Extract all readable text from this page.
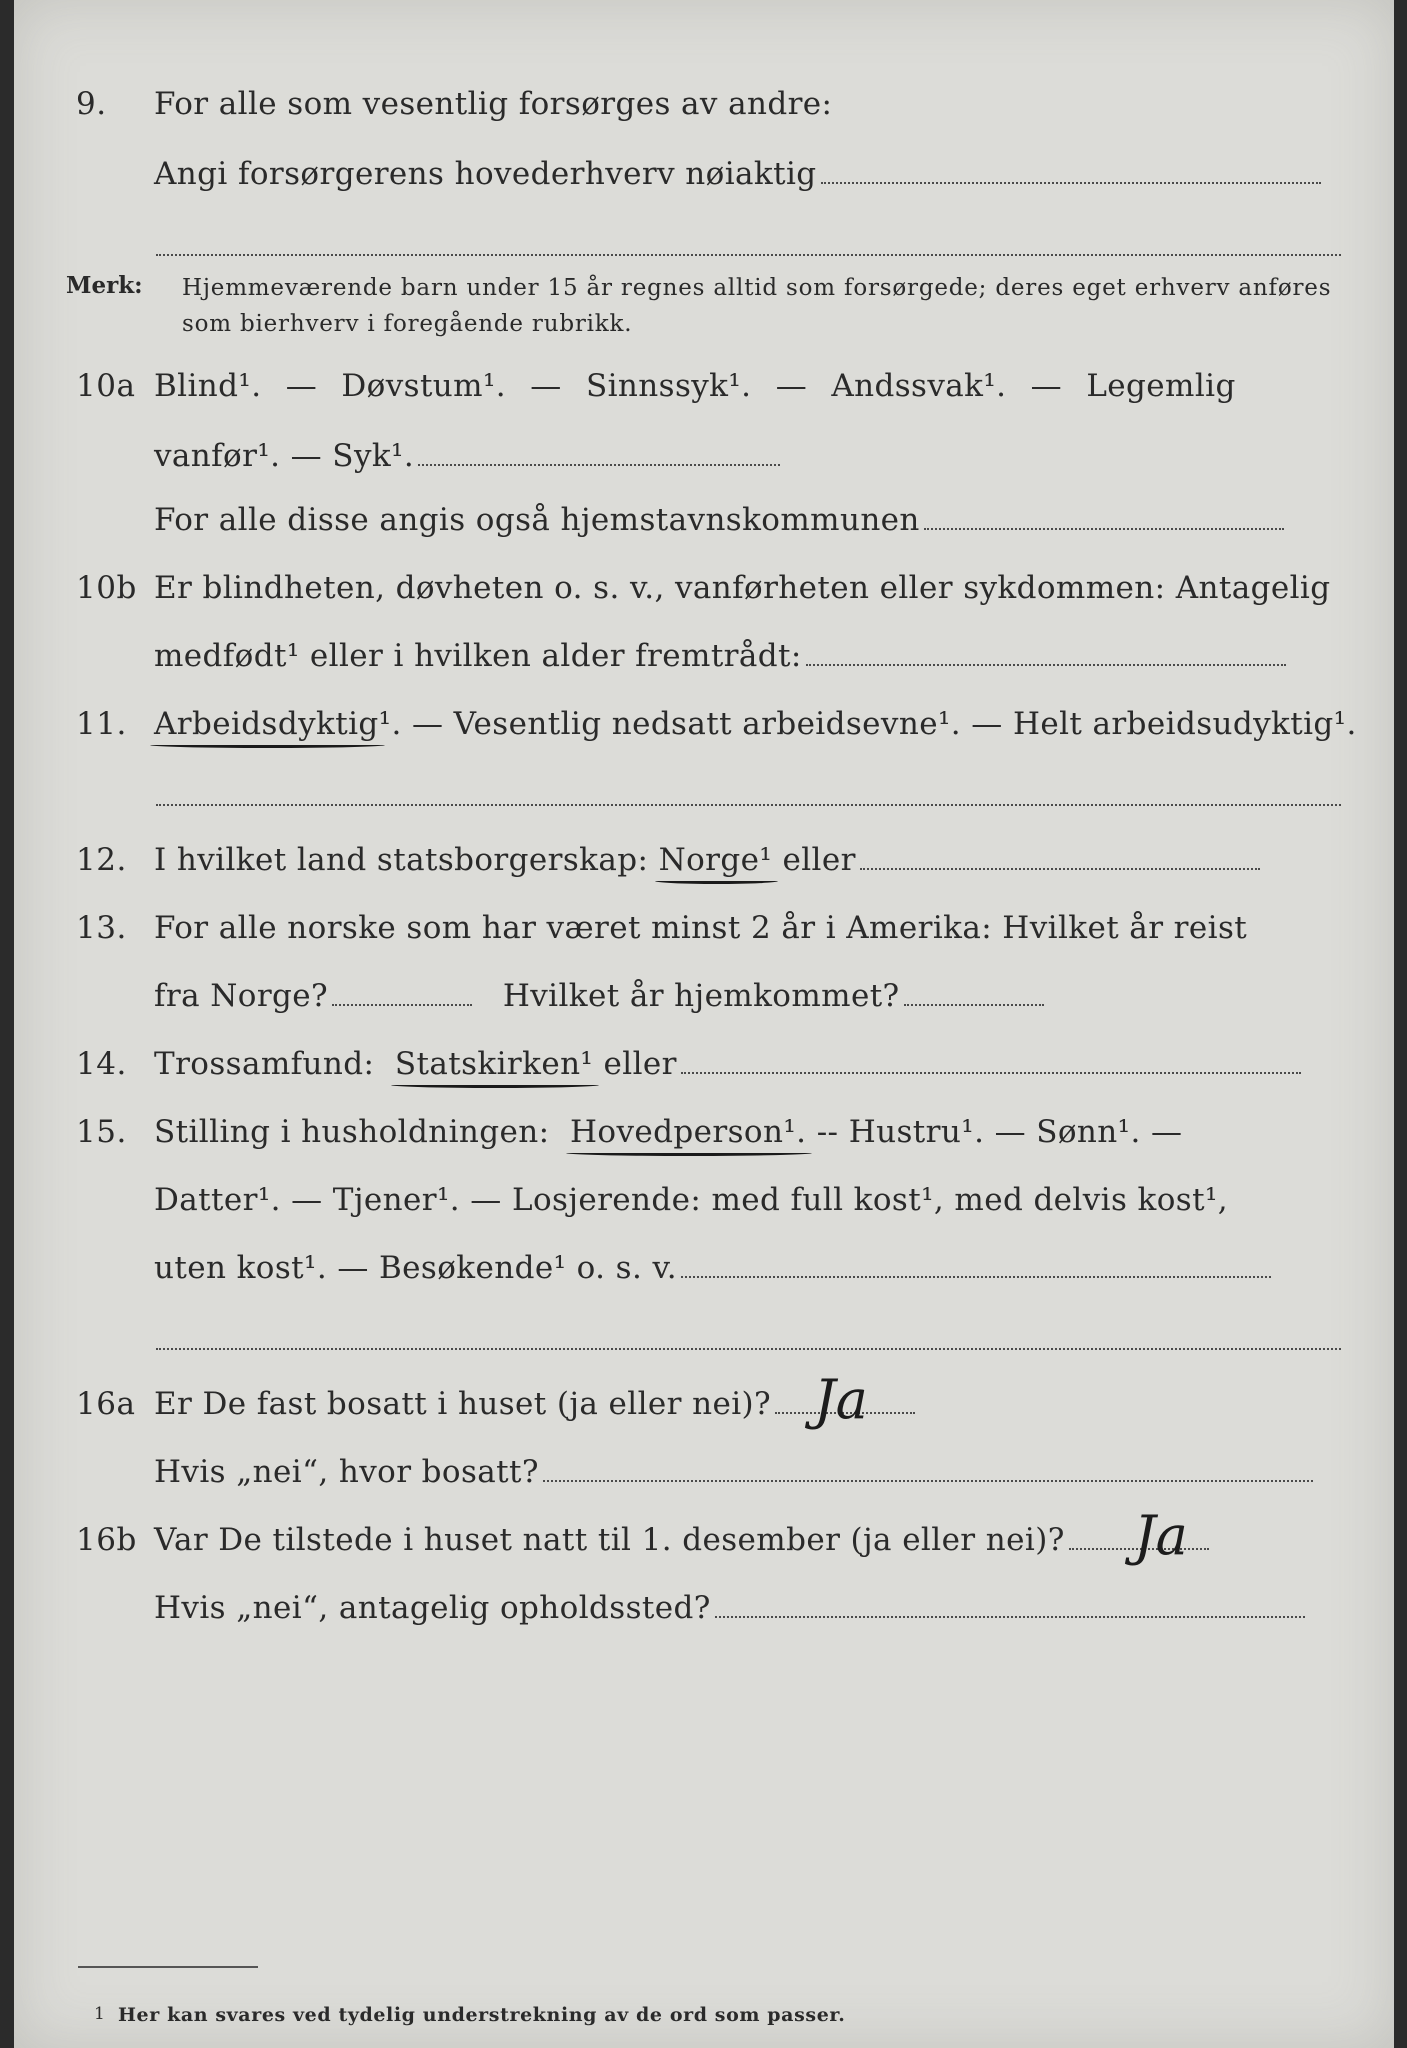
9.	For alle som vesentlig forsørges av andre:
Angi forsørgerens hovederhverv nøiaktig
Merk: Hjemmeværende barn under 15 år regnes alltid som forsørgede; deres eget erhverv anføres som bierhverv i foregående rubrikk.
10a Blind¹. — Døvstum¹. — Sinnssyk¹. — Andssvak¹. — Legemlig
vanfør¹. — Syk¹.
For alle disse angis også hjemstavnskommunen
10b Er blindheten, døvheten o. s. v., vanførheten eller sykdommen: Antagelig
medfødt¹ eller i hvilken alder fremtrådt:
11. Arbeidsdyktig¹. — Vesentlig nedsatt arbeidsevne¹. — Helt arbeidsudyktig¹.
12. I hvilket land statsborgerskap: Norge¹ eller
13. For alle norske som har været minst 2 år i Amerika: Hvilket år reist
fra Norge?	Hvilket år hjemkommet?
14. Trossamfund: Statskirken¹ eller
15. Stilling i husholdningen: Hovedperson¹. -- Hustru¹. — Sønn¹. —
Datter¹. — Tjener¹. — Losjerende: med full kost¹, med delvis kost¹,
uten kost¹. — Besøkende¹ o. s. v.
16a Er De fast bosatt i huset (ja eller nei)? Ja
Hvis „nei“, hvor bosatt?
16b Var De tilstede i huset natt til 1. desember (ja eller nei)?	Ja
Hvis „nei“, antagelig opholdssted?
1 Her kan svares ved tydelig understrekning av de ord som passer.
